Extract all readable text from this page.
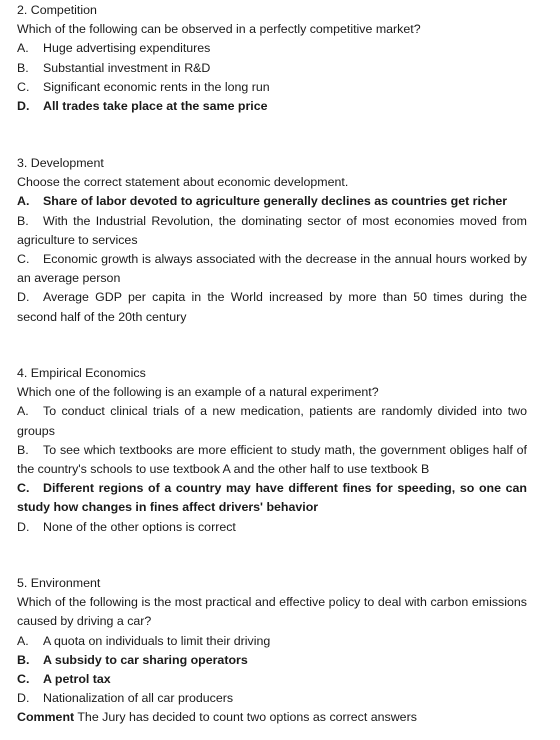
2. Competition
Which of the following can be observed in a perfectly competitive market?
A. Huge advertising expenditures
B. Substantial investment in R&D
C. Significant economic rents in the long run
D. All trades take place at the same price
3. Development
Choose the correct statement about economic development.
A. Share of labor devoted to agriculture generally declines as countries get richer
B. With the Industrial Revolution, the dominating sector of most economies moved from agriculture to services
C. Economic growth is always associated with the decrease in the annual hours worked by an average person
D. Average GDP per capita in the World increased by more than 50 times during the second half of the 20th century
4. Empirical Economics
Which one of the following is an example of a natural experiment?
A. To conduct clinical trials of a new medication, patients are randomly divided into two groups
B. To see which textbooks are more efficient to study math, the government obliges half of the country's schools to use textbook A and the other half to use textbook B
C. Different regions of a country may have different fines for speeding, so one can study how changes in fines affect drivers' behavior
D. None of the other options is correct
5. Environment
Which of the following is the most practical and effective policy to deal with carbon emissions caused by driving a car?
A. A quota on individuals to limit their driving
B. A subsidy to car sharing operators
C. A petrol tax
D. Nationalization of all car producers
Comment The Jury has decided to count two options as correct answers
